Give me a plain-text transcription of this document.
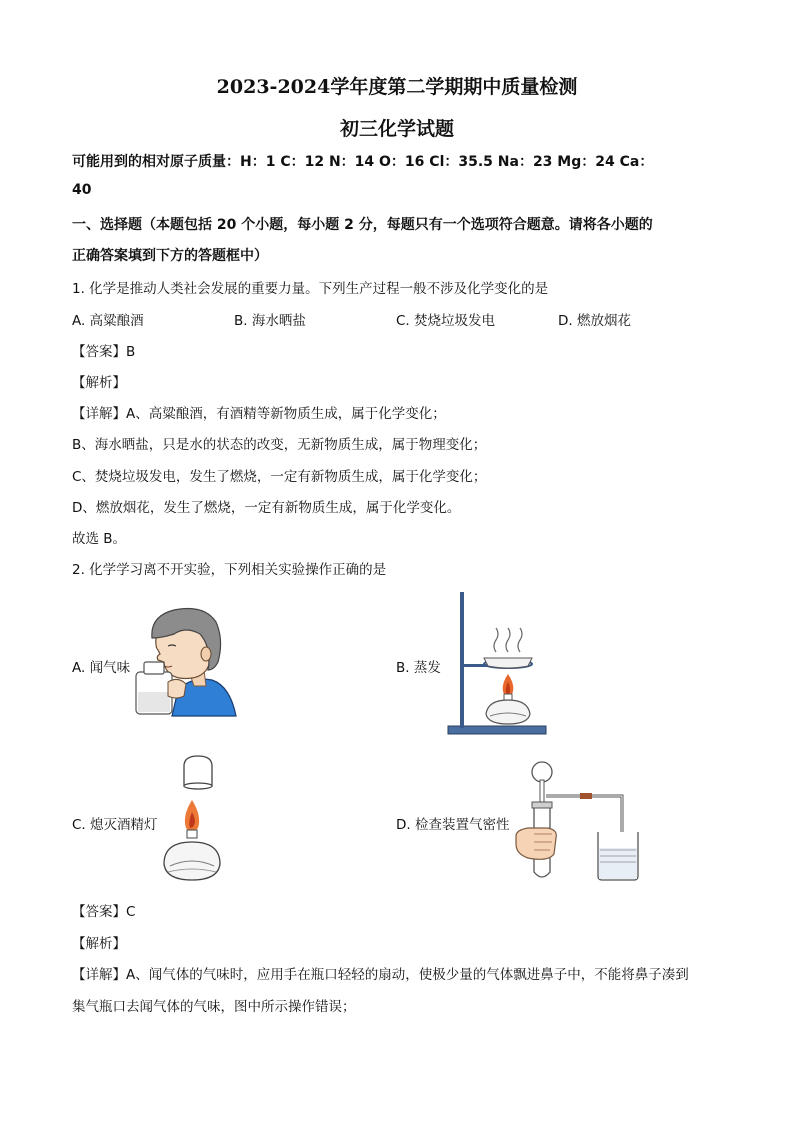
2023-2024学年度第二学期期中质量检测
初三化学试题
可能用到的相对原子质量：H：1 C：12 N：14 O：16 Cl：35.5 Na：23 Mg：24 Ca：
40
一、选择题（本题包括 20 个小题，每小题 2 分，每题只有一个选项符合题意。请将各小题的
正确答案填到下方的答题框中）
1. 化学是推动人类社会发展的重要力量。下列生产过程一般不涉及化学变化的是
A. 高粱酿酒	B. 海水晒盐	C. 焚烧垃圾发电	D. 燃放烟花
【答案】B
【解析】
【详解】A、高粱酿酒，有酒精等新物质生成，属于化学变化；
B、海水晒盐，只是水的状态的改变，无新物质生成，属于物理变化；
C、焚烧垃圾发电，发生了燃烧，一定有新物质生成，属于化学变化；
D、燃放烟花，发生了燃烧，一定有新物质生成，属于化学变化。
故选 B。
2. 化学学习离不开实验，下列相关实验操作正确的是
A. 闻气味	B. 蒸发
C. 熄灭酒精灯	D. 检查装置气密性
【答案】C
【解析】
【详解】A、闻气体的气味时，应用手在瓶口轻轻的扇动，使极少量的气体飘进鼻子中，不能将鼻子凑到
集气瓶口去闻气体的气味，图中所示操作错误；
